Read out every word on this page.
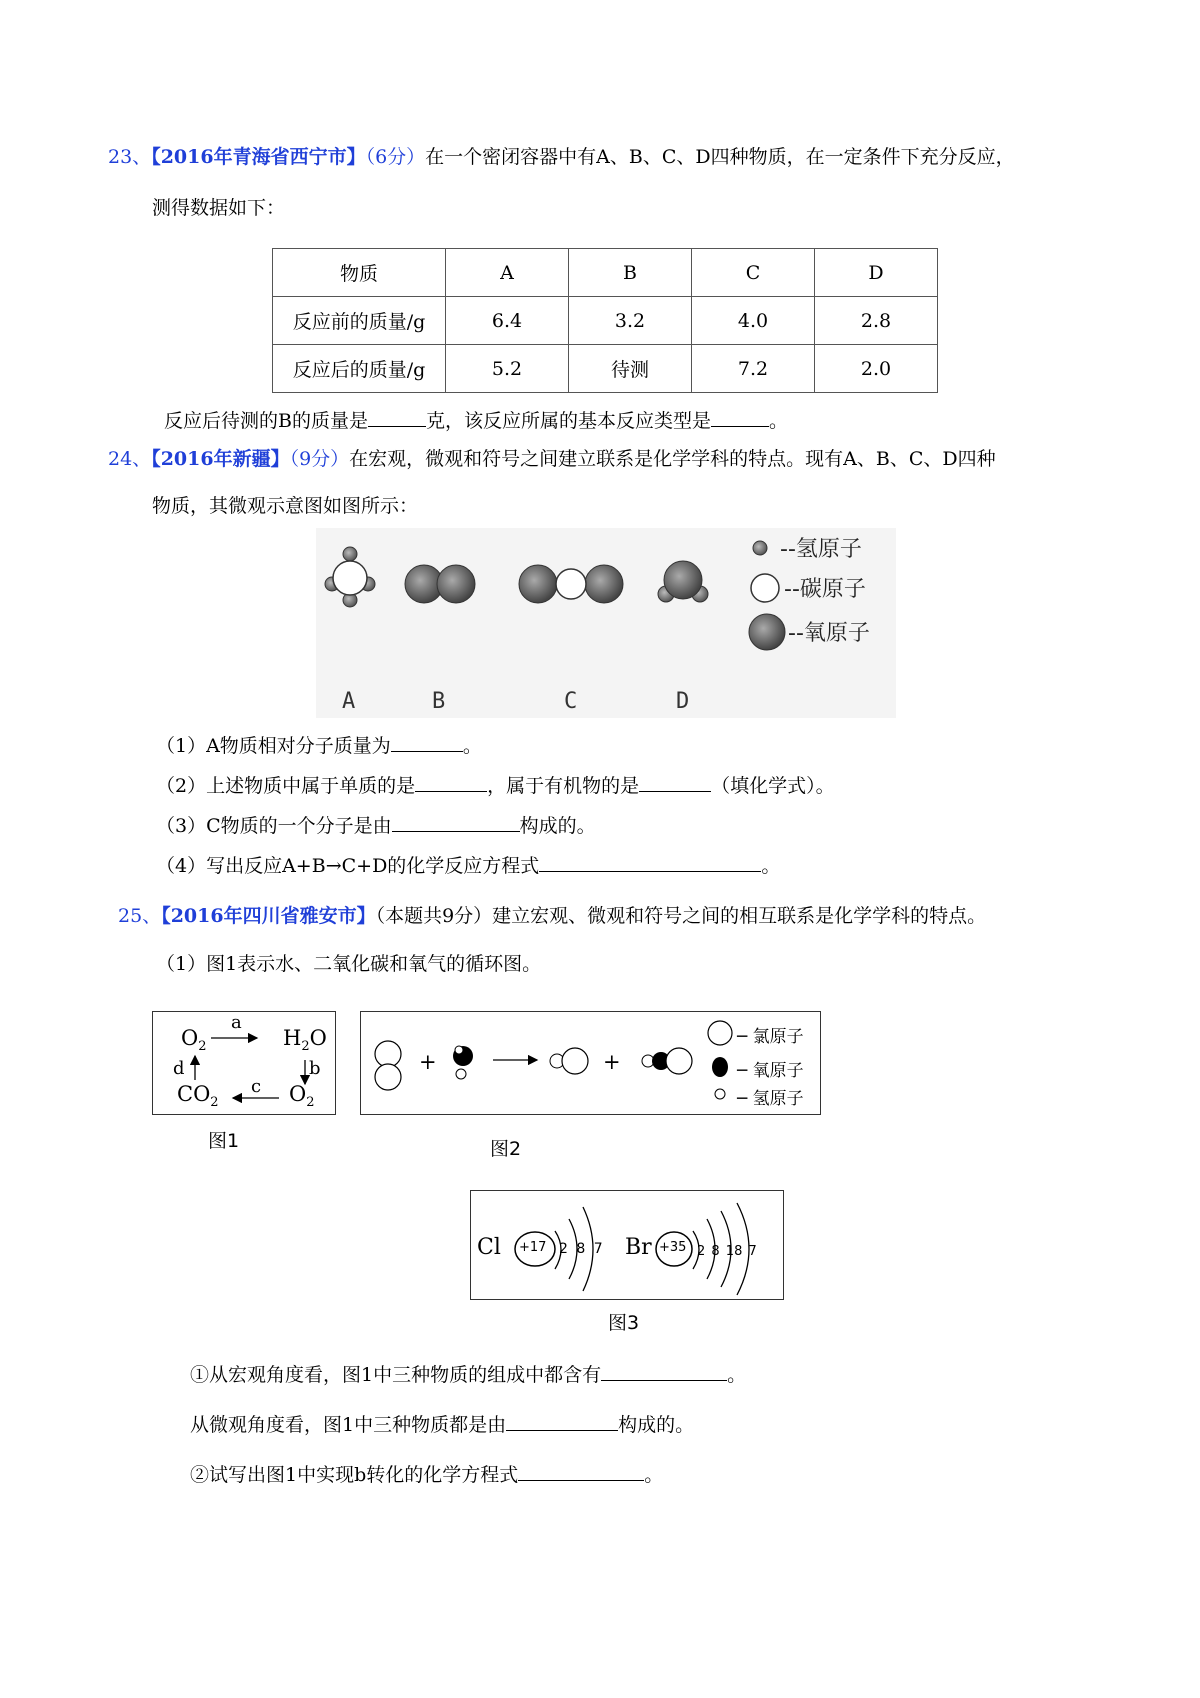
23、【2016年青海省西宁市】（6分）在一个密闭容器中有A、B、C、D四种物质，在一定条件下充分反应，
测得数据如下：
物质	A	B	C	D
反应前的质量/g	6.4	3.2	4.0	2.8
反应后的质量/g	5.2	待测	7.2	2.0
反应后待测的B的质量是	克，该反应所属的基本反应类型是	。
24、【2016年新疆】（9分）在宏观，微观和符号之间建立联系是化学学科的特点。现有A、B、C、D四种
物质，其微观示意图如图所示：
--氢原子
--碳原子
--氧原子
A	B	C	D
（1）A物质相对分子质量为	。
（2）上述物质中属于单质的是	，属于有机物的是	（填化学式）。
（3）C物质的一个分子是由	构成的。
（4）写出反应A+B→C+D的化学反应方程式	。
25、【2016年四川省雅安市】（本题共9分）建立宏观、微观和符号之间的相互联系是化学学科的特点。
（1）图1表示水、二氧化碳和氧气的循环图。
$O_2$	$H_2O$
$CO_2$	$O_2$
a
b
c
d
图1
+	+
─ 氯原子
─ 氧原子
─ 氢原子
图2
Cl +17 2 8 7 Br +35 2 8 18 7
图3
①从宏观角度看，图1中三种物质的组成中都含有	。
从微观角度看，图1中三种物质都是由	构成的。
②试写出图1中实现b转化的化学方程式	。
